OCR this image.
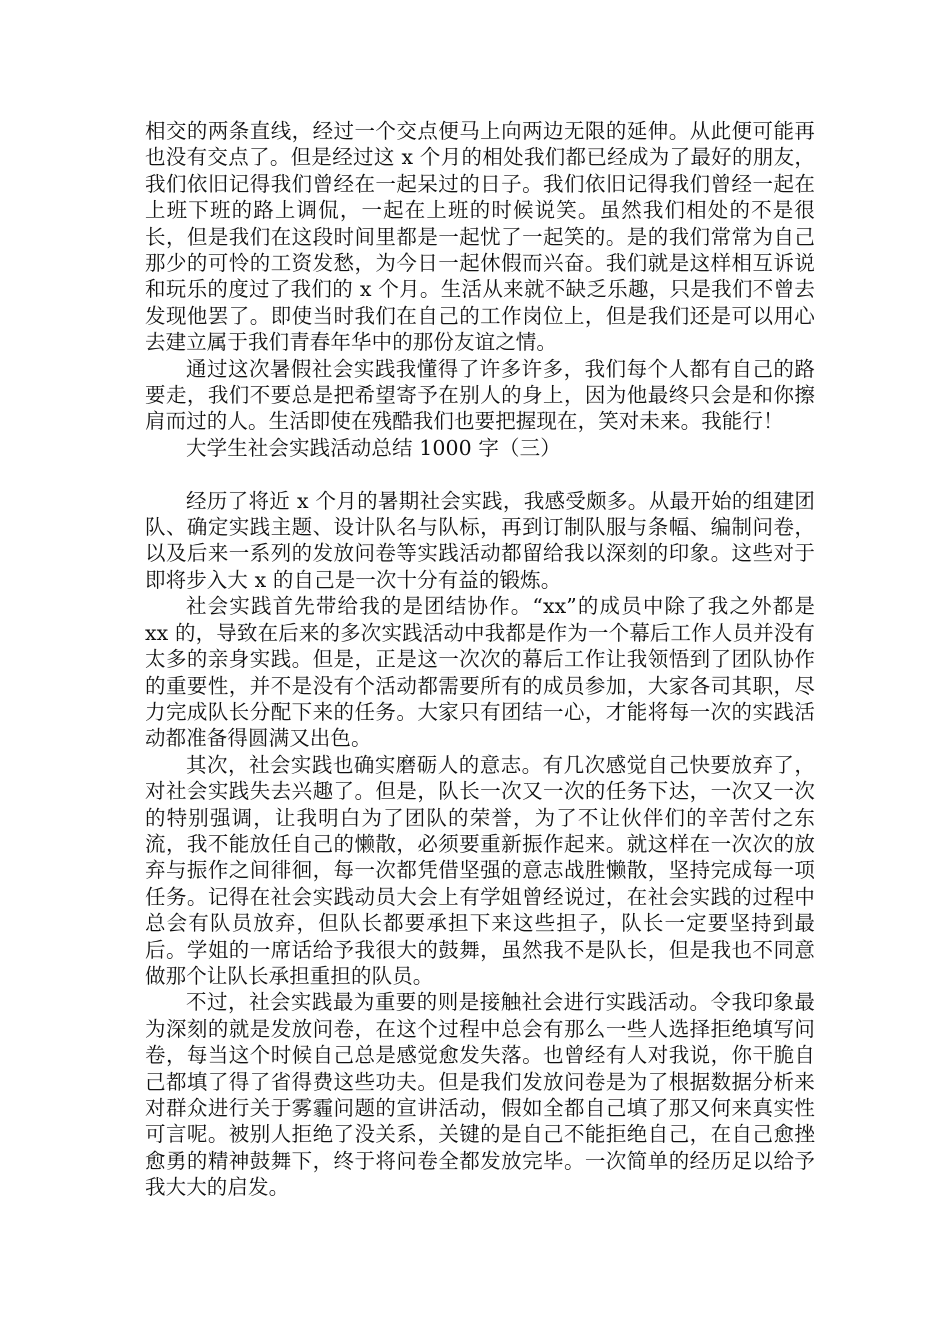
相交的两条直线，经过一个交点便马上向两边无限的延伸。从此便可能再也没有交点了。但是经过这 x 个月的相处我们都已经成为了最好的朋友，我们依旧记得我们曾经在一起呆过的日子。我们依旧记得我们曾经一起在上班下班的路上调侃，一起在上班的时候说笑。虽然我们相处的不是很长，但是我们在这段时间里都是一起忧了一起笑的。是的我们常常为自己那少的可怜的工资发愁，为今日一起休假而兴奋。我们就是这样相互诉说和玩乐的度过了我们的 x 个月。生活从来就不缺乏乐趣，只是我们不曾去发现他罢了。即使当时我们在自己的工作岗位上，但是我们还是可以用心去建立属于我们青春年华中的那份友谊之情。

通过这次暑假社会实践我懂得了许多许多，我们每个人都有自己的路要走，我们不要总是把希望寄予在别人的身上，因为他最终只会是和你擦肩而过的人。生活即使在残酷我们也要把握现在，笑对未来。我能行！

大学生社会实践活动总结 1000 字（三）

经历了将近 x 个月的暑期社会实践，我感受颇多。从最开始的组建团队、确定实践主题、设计队名与队标，再到订制队服与条幅、编制问卷，以及后来一系列的发放问卷等实践活动都留给我以深刻的印象。这些对于即将步入大 x 的自己是一次十分有益的锻炼。

社会实践首先带给我的是团结协作。“xx”的成员中除了我之外都是 xx 的，导致在后来的多次实践活动中我都是作为一个幕后工作人员并没有太多的亲身实践。但是，正是这一次次的幕后工作让我领悟到了团队协作的重要性，并不是没有个活动都需要所有的成员参加，大家各司其职，尽力完成队长分配下来的任务。大家只有团结一心，才能将每一次的实践活动都准备得圆满又出色。

其次，社会实践也确实磨砺人的意志。有几次感觉自己快要放弃了，对社会实践失去兴趣了。但是，队长一次又一次的任务下达，一次又一次的特别强调，让我明白为了团队的荣誉，为了不让伙伴们的辛苦付之东流，我不能放任自己的懒散，必须要重新振作起来。就这样在一次次的放弃与振作之间徘徊，每一次都凭借坚强的意志战胜懒散，坚持完成每一项任务。记得在社会实践动员大会上有学姐曾经说过，在社会实践的过程中总会有队员放弃，但队长都要承担下来这些担子，队长一定要坚持到最后。学姐的一席话给予我很大的鼓舞，虽然我不是队长，但是我也不同意做那个让队长承担重担的队员。

不过，社会实践最为重要的则是接触社会进行实践活动。令我印象最为深刻的就是发放问卷，在这个过程中总会有那么一些人选择拒绝填写问卷，每当这个时候自己总是感觉愈发失落。也曾经有人对我说，你干脆自己都填了得了省得费这些功夫。但是我们发放问卷是为了根据数据分析来对群众进行关于雾霾问题的宣讲活动，假如全都自己填了那又何来真实性可言呢。被别人拒绝了没关系，关键的是自己不能拒绝自己，在自己愈挫愈勇的精神鼓舞下，终于将问卷全都发放完毕。一次简单的经历足以给予我大大的启发。
